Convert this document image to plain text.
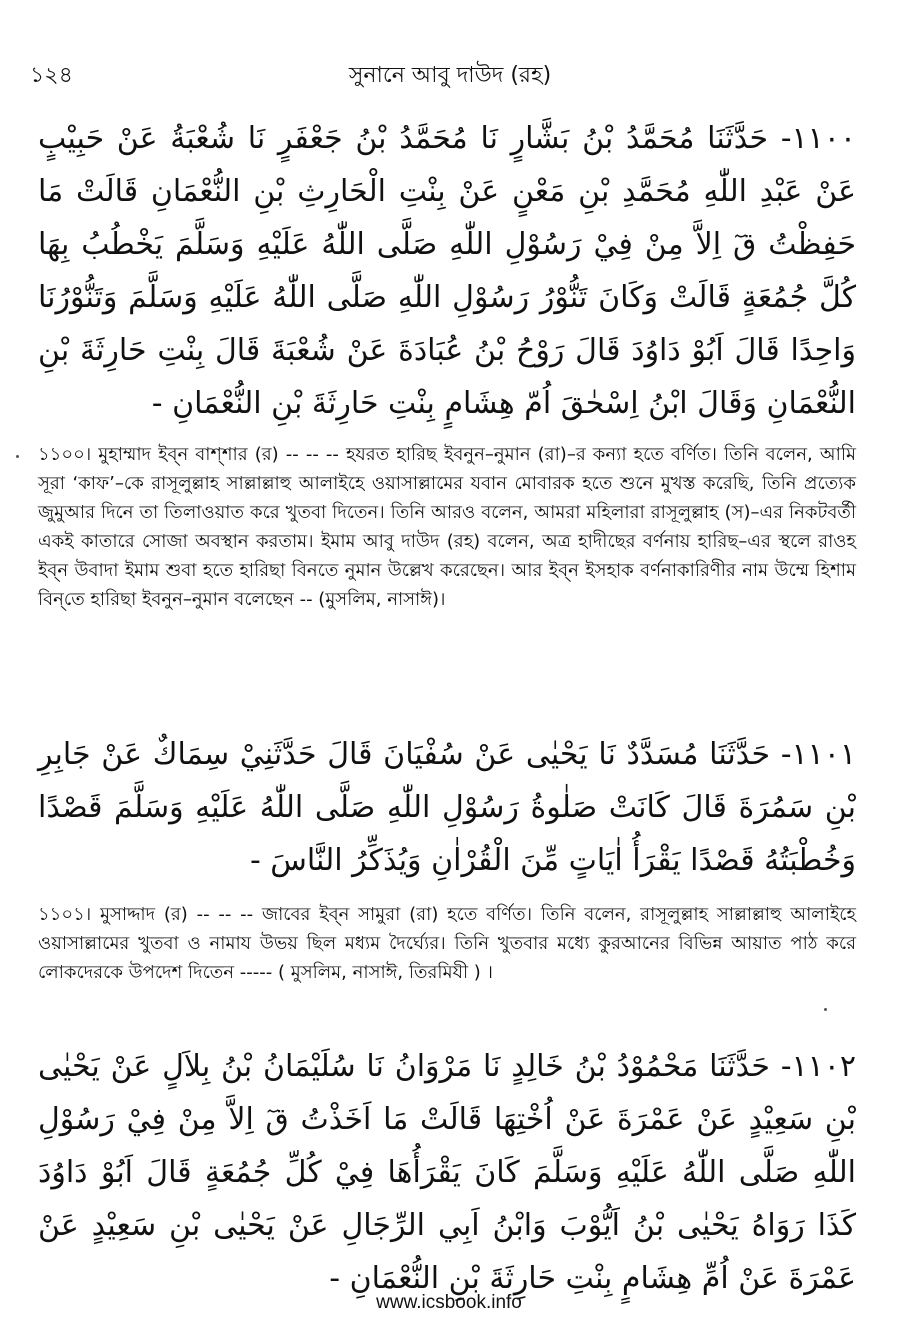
১২৪	সুনানে আবু দাউদ (রহ)
١١٠٠- حَدَّثَنَا مُحَمَّدُ بْنُ بَشَّارٍ نَا مُحَمَّدُ بْنُ جَعْفَرٍ نَا شُعْبَةُ عَنْ حَبِيْبٍ عَنْ عَبْدِ اللّٰهِ مُحَمَّدِ بْنِ مَعْنٍ عَنْ بِنْتِ الْحَارِثِ بْنِ النُّعْمَانِ قَالَتْ مَا حَفِظْتُ قٓ اِلاَّ مِنْ فِيْ رَسُوْلِ اللّٰهِ صَلَّى اللّٰهُ عَلَيْهِ وَسَلَّمَ يَخْطُبُ بِهَا كُلَّ جُمُعَةٍ قَالَتْ وَكَانَ تَنُّوْرُ رَسُوْلِ اللّٰهِ صَلَّى اللّٰهُ عَلَيْهِ وَسَلَّمَ وَتَنُّوْرُنَا وَاحِدًا قَالَ اَبُوْ دَاوُدَ قَالَ رَوْحُ بْنُ عُبَادَةَ عَنْ شُعْبَةَ قَالَ بِنْتِ حَارِثَةَ بْنِ النُّعْمَانِ وَقَالَ ابْنُ اِسْحٰقَ اُمّ هِشَامٍ بِنْتِ حَارِثَةَ بْنِ النُّعْمَانِ -
১১০০। মুহাম্মাদ ইব্‌ন বাশ্‌শার (র) -- -- -- হযরত হারিছ ইবনুন–নুমান (রা)–র কন্যা হতে বর্ণিত। তিনি বলেন, আমি সূরা ‘কাফ’–কে রাসূলুল্লাহ সাল্লাল্লাহু আলাইহে ওয়াসাল্লামের যবান মোবারক হতে শুনে মুখস্ত করেছি, তিনি প্রত্যেক জুমুআর দিনে তা তিলাওয়াত করে খুতবা দিতেন। তিনি আরও বলেন, আমরা মহিলারা রাসূলুল্লাহ (স)–এর নিকটবর্তী একই কাতারে সোজা অবস্থান করতাম। ইমাম আবু দাউদ (রহ) বলেন, অত্র হাদীছের বর্ণনায় হারিছ–এর স্থলে রাওহ ইব্‌ন উবাদা ইমাম শুবা হতে হারিছা বিনতে নুমান উল্লেখ করেছেন। আর ইব্‌ন ইসহাক বর্ণনাকারিণীর নাম উম্মে হিশাম বিন্‌তে হারিছা ইবনুন–নুমান বলেছেন -- (মুসলিম, নাসাঈ)।
١١٠١- حَدَّثَنَا مُسَدَّدٌ نَا يَحْيٰى عَنْ سُفْيَانَ قَالَ حَدَّثَنِيْ سِمَاكٌ عَنْ جَابِرِ بْنِ سَمُرَةَ قَالَ كَانَتْ صَلٰوةُ رَسُوْلِ اللّٰهِ صَلَّى اللّٰهُ عَلَيْهِ وَسَلَّمَ قَصْدًا وَخُطْبَتُهُ قَصْدًا يَقْرَأُ اٰيَاتٍ مِّنَ الْقُرْاٰنِ وَيُذَكِّرُ النَّاسَ -
১১০১। মুসাদ্দাদ (র) -- -- -- জাবের ইব্‌ন সামুরা (রা) হতে বর্ণিত। তিনি বলেন, রাসূলুল্লাহ সাল্লাল্লাহু আলাইহে ওয়াসাল্লামের খুতবা ও নামায উভয় ছিল মধ্যম দৈর্ঘ্যের। তিনি খুতবার মধ্যে কুরআনের বিভিন্ন আয়াত পাঠ করে লোকদেরকে উপদেশ দিতেন ----- ( মুসলিম, নাসাঈ, তিরমিযী ) ।
١١٠٢- حَدَّثَنَا مَحْمُوْدُ بْنُ خَالِدٍ نَا مَرْوَانُ نَا سُلَيْمَانُ بْنُ بِلاَلٍ عَنْ يَحْيٰى بْنِ سَعِيْدٍ عَنْ عَمْرَةَ عَنْ اُخْتِهَا قَالَتْ مَا اَخَذْتُ قٓ اِلاَّ مِنْ فِيْ رَسُوْلِ اللّٰهِ صَلَّى اللّٰهُ عَلَيْهِ وَسَلَّمَ كَانَ يَقْرَأُهَا فِيْ كُلِّ جُمُعَةٍ قَالَ اَبُوْ دَاوُدَ كَذَا رَوَاهُ يَحْيٰى بْنُ اَيُّوْبَ وَابْنُ اَبِي الرِّجَالِ عَنْ يَحْيٰى بْنِ سَعِيْدٍ عَنْ عَمْرَةَ عَنْ اُمِّ هِشَامٍ بِنْتِ حَارِثَةَ بْنِ النُّعْمَانِ -
www.icsbook.info
